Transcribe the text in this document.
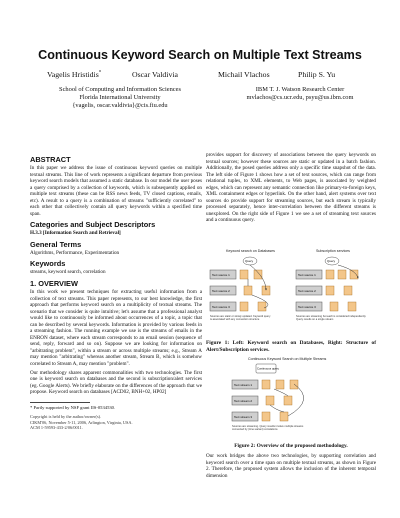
Continuous Keyword Search on Multiple Text Streams
Vagelis Hristidis*	Oscar Valdivia	Michail Vlachos	Philip S. Yu
School of Computing and Information Sciences
Florida International University
{vagelis, oscar.valdivia}@cis.fiu.edu
IBM T. J. Watson Research Center
mvlachos@cs.ucr.edu, psyu@us.ibm.com
ABSTRACT

In this paper we address the issue of continuous keyword queries on multiple textual streams. This line of work represents a significant departure from previous keyword search models that assumed a static database. In our model the user poses a query comprised by a collection of keywords, which is subsequently applied on multiple text streams (these can be RSS news feeds, TV closed captions, emails, etc). A result to a query is a combination of streams "sufficiently correlated" to each other that collectively contain all query keywords within a specified time span.

Categories and Subject Descriptors

H.3.3 [Information Search and Retrieval]

General Terms

Algorithms, Performance, Experimentation

Keywords

streams, keyword search, correlation

1. OVERVIEW

In this work we present techniques for extracting useful information from a collection of text streams. This paper represents, to our best knowledge, the first approach that performs keyword search on a multiplicity of textual streams. The scenario that we consider is quite intuitive; let's assume that a professional analyst would like to continuously be informed about occurrences of a topic, a topic that can be described by several keywords. Information is provided by various feeds in a streaming fashion. The running example we use is the streams of emails in the ENRON dataset, where each stream corresponds to an email session (sequence of send, reply, forward and so on). Suppose we are looking for information on "arbitrating problem", within a stream or across multiple streams; e.g., Stream A may mention "arbitrating" whereas another stream, Stream B, which is somehow correlated to Stream A, may mention "problem".

Our methodology shares apparent commonalities with two technologies. The first one is keyword search on databases and the second is subscription/alert services (eg. Google Alerts). We briefly elaborate on the differences of the approach that we propose. Keyword search on databases [ACD02, BNH+02, HP02]

* Partly supported by NSF grant IIS-0534530.
Copyright is held by the author/owner(s).
CIKM'06, November 5-11, 2006, Arlington, Virginia, USA.
ACM 1-59593-433-2/06/0011.

provides support for discovery of associations between the query keywords on textual sources; however these sources are static or updated in a batch fashion. Additionally, the posed queries address only a specific time snapshot of the data. The left side of Figure 1 shows how a set of text sources, which can range from relational tuples, to XML elements, to Web pages, is associated by weighted edges, which can represent any semantic connection like primary-to-foreign keys, XML containment edges or hyperlink. On the other hand, alert systems over text sources do provide support for streaming sources, but each stream is typically processed separately, hence inter-correlation between the different streams is unexplored. On the right side of Figure 1 we see a set of streaming text sources and a continuous query.

Keyword search on Databases
Query
Text source 1
Text source 2
Text source 3
Sources are static or slowly updated. Keyword query is associated with any connection structure
Subscription services
Query
Text source 1
Text source 2
Text source 3
Sources are streaming but each is considered independently. Query results on a single stream
Figure 1: Left: Keyword search on Databases, Right: Structure of Alert/Subscription services.
Continuous Keyword Search on Multiple Streams
Continuous query
Text stream 1
Text stream 2
Text stream 3
Sources are streaming. Query results involve multiple streams connected by (time-variant) correlations
Figure 2: Overview of the proposed methodology.

Our work bridges the above two technologies, by supporting correlation and keyword search over a time span on multiple textual streams, as shown in Figure 2. Therefore, the proposed system allows the inclusion of the inherent temporal dimension
